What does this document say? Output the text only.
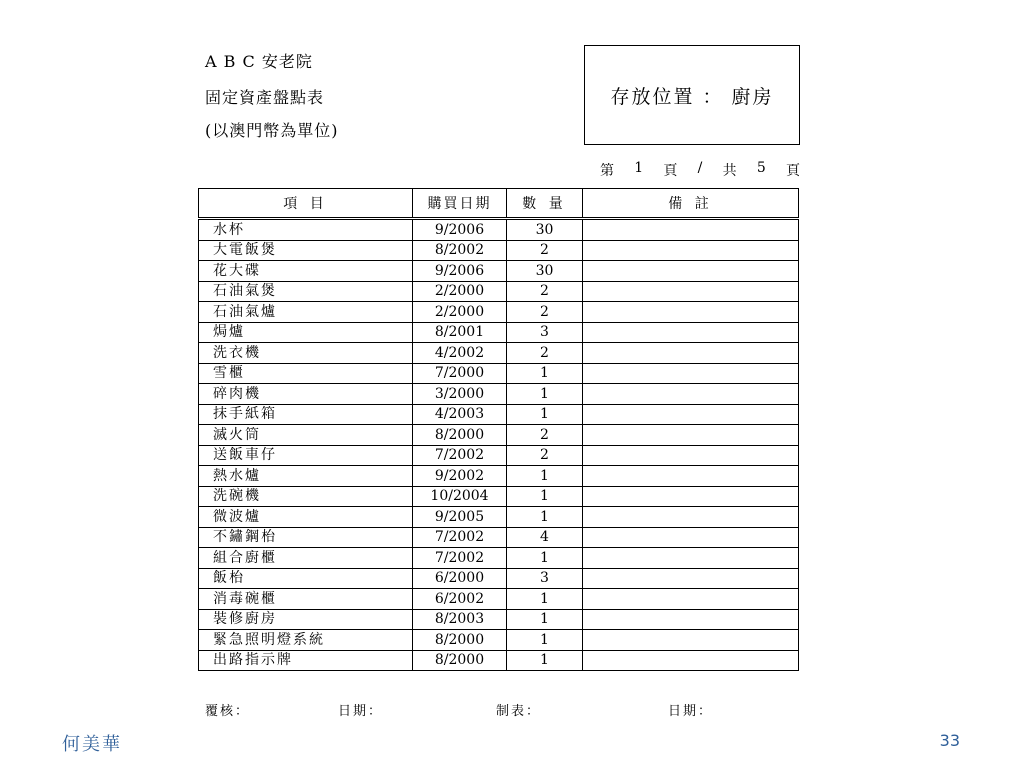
A B C 安老院
固定資產盤點表
(以澳門幣為單位)
存放位置 ： 廚房
第 1 頁 / 共 5 頁
項 目	購買日期	數 量	備 註
水杯	9/2006	30	
大電飯煲	8/2002	2	
花大碟	9/2006	30	
石油氣煲	2/2000	2	
石油氣爐	2/2000	2	
焗爐	8/2001	3	
洗衣機	4/2002	2	
雪櫃	7/2000	1	
碎肉機	3/2000	1	
抹手紙箱	4/2003	1	
滅火筒	8/2000	2	
送飯車仔	7/2002	2	
熱水爐	9/2002	1	
洗碗機	10/2004	1	
微波爐	9/2005	1	
不鏽鋼枱	7/2002	4	
組合廚櫃	7/2002	1	
飯枱	6/2000	3	
消毒碗櫃	6/2002	1	
裝修廚房	8/2003	1	
緊急照明燈系統	8/2000	1	
出路指示牌	8/2000	1	
覆核：	日期：	制表：	日期：
何美華	33
